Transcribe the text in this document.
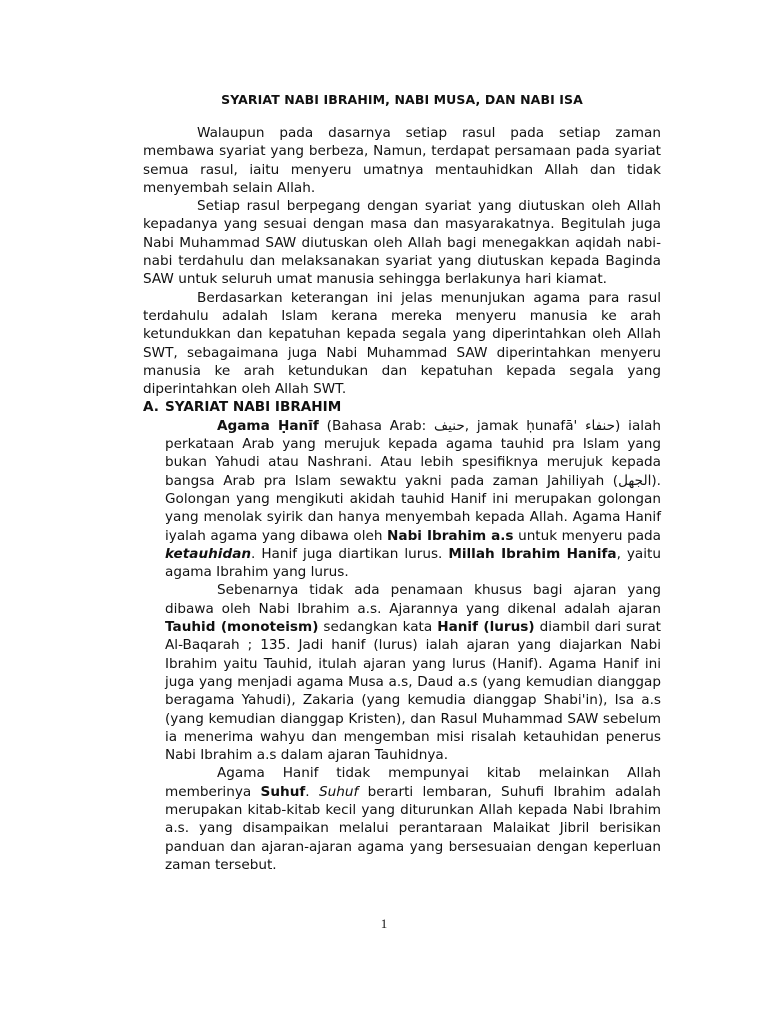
SYARIAT NABI IBRAHIM, NABI MUSA, DAN NABI ISA

Walaupun pada dasarnya setiap rasul pada setiap zaman membawa syariat yang berbeza, Namun, terdapat persamaan pada syariat semua rasul, iaitu menyeru umatnya mentauhidkan Allah dan tidak menyembah selain Allah.

Setiap rasul berpegang dengan syariat yang diutuskan oleh Allah kepadanya yang sesuai dengan masa dan masyarakatnya. Begitulah juga Nabi Muhammad SAW diutuskan oleh Allah bagi menegakkan aqidah nabi-nabi terdahulu dan melaksanakan syariat yang diutuskan kepada Baginda SAW untuk seluruh umat manusia sehingga berlakunya hari kiamat.

Berdasarkan keterangan ini jelas menunjukan agama para rasul terdahulu adalah Islam kerana mereka menyeru manusia ke arah ketundukkan dan kepatuhan kepada segala yang diperintahkan oleh Allah SWT, sebagaimana juga Nabi Muhammad SAW diperintahkan menyeru manusia ke arah ketundukan dan kepatuhan kepada segala yang diperintahkan oleh Allah SWT.

A. SYARIAT NABI IBRAHIM

Agama Ḥanīf (Bahasa Arab: حنيف, jamak ḥunafā' حنفاء) ialah perkataan Arab yang merujuk kepada agama tauhid pra Islam yang bukan Yahudi atau Nashrani. Atau lebih spesifiknya merujuk kepada bangsa Arab pra Islam sewaktu yakni pada zaman Jahiliyah (الجهل). Golongan yang mengikuti akidah tauhid Hanif ini merupakan golongan yang menolak syirik dan hanya menyembah kepada Allah. Agama Hanif iyalah agama yang dibawa oleh Nabi Ibrahim a.s untuk menyeru pada ketauhidan. Hanif juga diartikan lurus. Millah Ibrahim Hanifa, yaitu agama Ibrahim yang lurus.

Sebenarnya tidak ada penamaan khusus bagi ajaran yang dibawa oleh Nabi Ibrahim a.s. Ajarannya yang dikenal adalah ajaran Tauhid (monoteism) sedangkan kata Hanif (lurus) diambil dari surat Al-Baqarah ; 135. Jadi hanif (lurus) ialah ajaran yang diajarkan Nabi Ibrahim yaitu Tauhid, itulah ajaran yang lurus (Hanif). Agama Hanif ini juga yang menjadi agama Musa a.s, Daud a.s (yang kemudian dianggap beragama Yahudi), Zakaria (yang kemudia dianggap Shabi'in), Isa a.s (yang kemudian dianggap Kristen), dan Rasul Muhammad SAW sebelum ia menerima wahyu dan mengemban misi risalah ketauhidan penerus Nabi Ibrahim a.s dalam ajaran Tauhidnya.

Agama Hanif tidak mempunyai kitab melainkan Allah memberinya Suhuf. Suhuf berarti lembaran, Suhufi Ibrahim adalah merupakan kitab-kitab kecil yang diturunkan Allah kepada Nabi Ibrahim a.s. yang disampaikan melalui perantaraan Malaikat Jibril berisikan panduan dan ajaran-ajaran agama yang bersesuaian dengan keperluan zaman tersebut.

1
